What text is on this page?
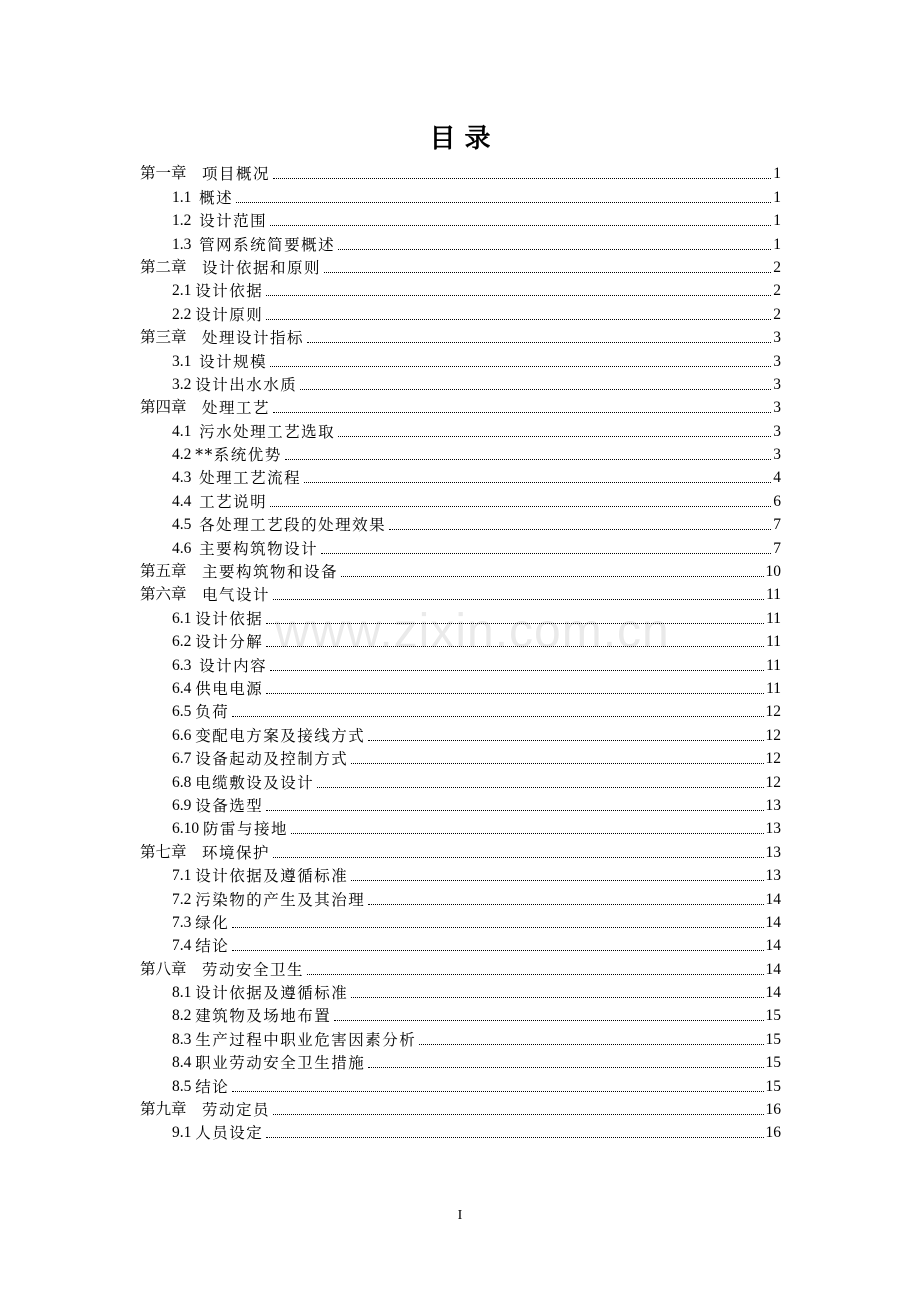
目 录
www.zixin.com.cn
第一章 项目概况	1
1.1 概述	1
1.2 设计范围	1
1.3 管网系统简要概述	1
第二章 设计依据和原则	2
2.1 设计依据	2
2.2 设计原则	2
第三章 处理设计指标	3
3.1 设计规模	3
3.2 设计出水水质	3
第四章 处理工艺	3
4.1 污水处理工艺选取	3
4.2 **系统优势	3
4.3 处理工艺流程	4
4.4 工艺说明	6
4.5 各处理工艺段的处理效果	7
4.6 主要构筑物设计	7
第五章 主要构筑物和设备	10
第六章 电气设计	11
6.1 设计依据	11
6.2 设计分解	11
6.3 设计内容	11
6.4 供电电源	11
6.5 负荷	12
6.6 变配电方案及接线方式	12
6.7 设备起动及控制方式	12
6.8 电缆敷设及设计	12
6.9 设备选型	13
6.10 防雷与接地	13
第七章 环境保护	13
7.1 设计依据及遵循标准	13
7.2 污染物的产生及其治理	14
7.3 绿化	14
7.4 结论	14
第八章 劳动安全卫生	14
8.1 设计依据及遵循标准	14
8.2 建筑物及场地布置	15
8.3 生产过程中职业危害因素分析	15
8.4 职业劳动安全卫生措施	15
8.5 结论	15
第九章 劳动定员	16
9.1 人员设定	16
I
